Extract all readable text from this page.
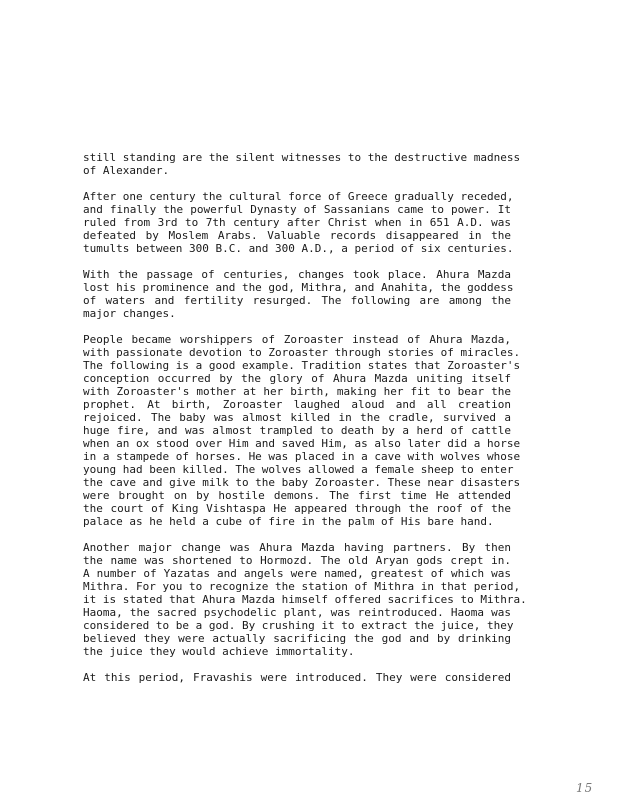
still standing are the silent witnesses to the destructive madness
of Alexander.
After one century the cultural force of Greece gradually receded,
and finally the powerful Dynasty of Sassanians came to power. It
ruled from 3rd to 7th century after Christ when in 651 A.D. was
defeated by Moslem Arabs. Valuable records disappeared in the
tumults between 300 B.C. and 300 A.D., a period of six centuries.
With the passage of centuries, changes took place. Ahura Mazda
lost his prominence and the god, Mithra, and Anahita, the goddess
of waters and fertility resurged. The following are among the
major changes.
People became worshippers of Zoroaster instead of Ahura Mazda,
with passionate devotion to Zoroaster through stories of miracles.
The following is a good example. Tradition states that Zoroaster's
conception occurred by the glory of Ahura Mazda uniting itself
with Zoroaster's mother at her birth, making her fit to bear the
prophet. At birth, Zoroaster laughed aloud and all creation
rejoiced. The baby was almost killed in the cradle, survived a
huge fire, and was almost trampled to death by a herd of cattle
when an ox stood over Him and saved Him, as also later did a horse
in a stampede of horses. He was placed in a cave with wolves whose
young had been killed. The wolves allowed a female sheep to enter
the cave and give milk to the baby Zoroaster. These near disasters
were brought on by hostile demons. The first time He attended
the court of King Vishtaspa He appeared through the roof of the
palace as he held a cube of fire in the palm of His bare hand.
Another major change was Ahura Mazda having partners. By then
the name was shortened to Hormozd. The old Aryan gods crept in.
A number of Yazatas and angels were named, greatest of which was
Mithra. For you to recognize the station of Mithra in that period,
it is stated that Ahura Mazda himself offered sacrifices to Mithra.
Haoma, the sacred psychodelic plant, was reintroduced. Haoma was
considered to be a god. By crushing it to extract the juice, they
believed they were actually sacrificing the god and by drinking
the juice they would achieve immortality.
At this period, Fravashis were introduced. They were considered
15
